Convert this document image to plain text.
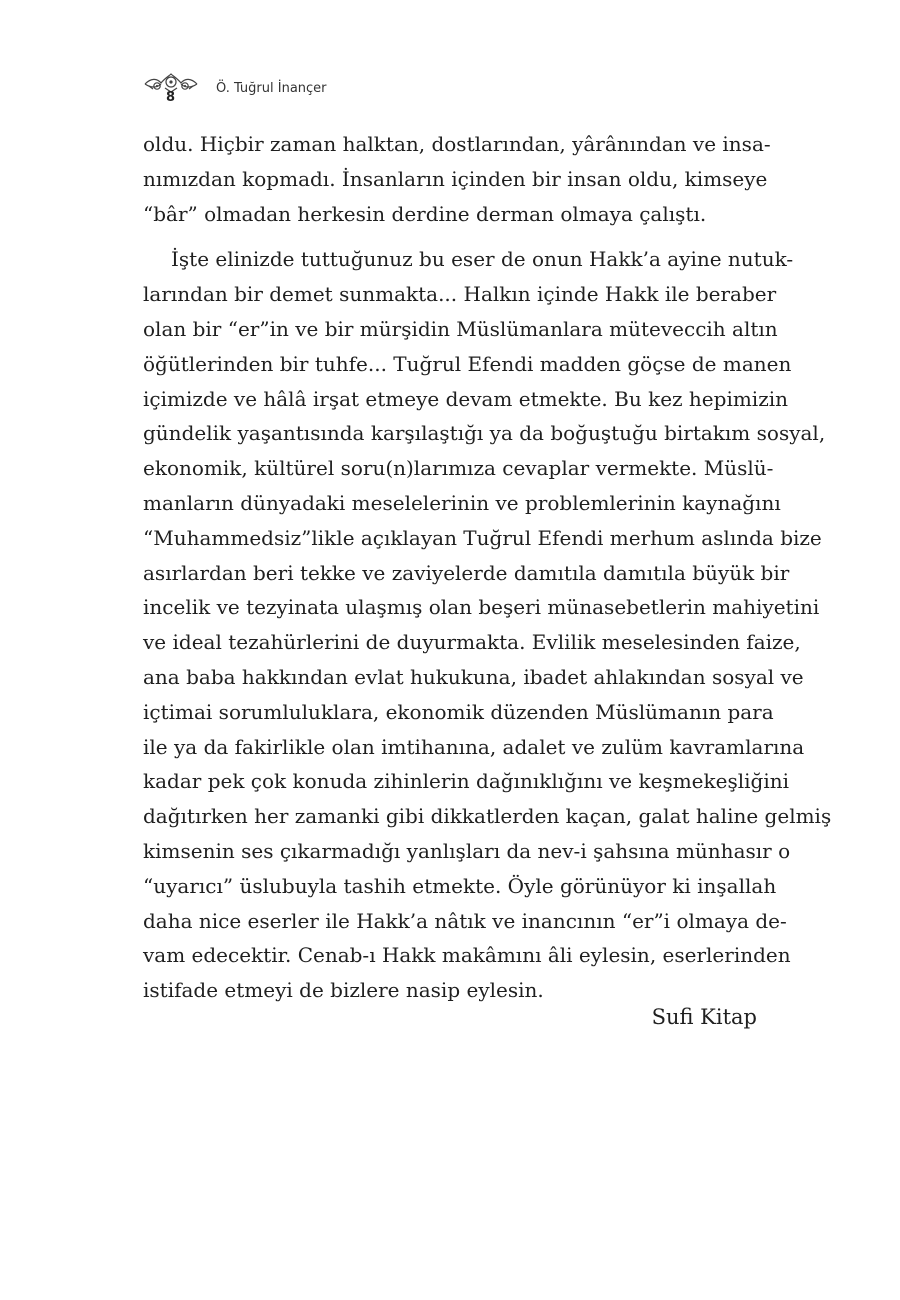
8
Ö. Tuğrul İnançer

oldu. Hiçbir zaman halktan, dostlarından, yârânından ve insa-
nımızdan kopmadı. İnsanların içinden bir insan oldu, kimseye
“bâr” olmadan herkesin derdine derman olmaya çalıştı.

İşte elinizde tuttuğunuz bu eser de onun Hakk’a ayine nutuk-
larından bir demet sunmakta... Halkın içinde Hakk ile beraber
olan bir “er”in ve bir mürşidin Müslümanlara müteveccih altın
öğütlerinden bir tuhfe... Tuğrul Efendi madden göçse de manen
içimizde ve hâlâ irşat etmeye devam etmekte. Bu kez hepimizin
gündelik yaşantısında karşılaştığı ya da boğuştuğu birtakım sosyal,
ekonomik, kültürel soru(n)larımıza cevaplar vermekte. Müslü-
manların dünyadaki meselelerinin ve problemlerinin kaynağını
“Muhammedsiz”likle açıklayan Tuğrul Efendi merhum aslında bize
asırlardan beri tekke ve zaviyelerde damıtıla damıtıla büyük bir
incelik ve tezyinata ulaşmış olan beşeri münasebetlerin mahiyetini
ve ideal tezahürlerini de duyurmakta. Evlilik meselesinden faize,
ana baba hakkından evlat hukukuna, ibadet ahlakından sosyal ve
içtimai sorumluluklara, ekonomik düzenden Müslümanın para
ile ya da fakirlikle olan imtihanına, adalet ve zulüm kavramlarına
kadar pek çok konuda zihinlerin dağınıklığını ve keşmekeşliğini
dağıtırken her zamanki gibi dikkatlerden kaçan, galat haline gelmiş
kimsenin ses çıkarmadığı yanlışları da nev-i şahsına münhasır o
“uyarıcı” üslubuyla tashih etmekte. Öyle görünüyor ki inşallah
daha nice eserler ile Hakk’a nâtık ve inancının “er”i olmaya de-
vam edecektir. Cenab-ı Hakk makâmını âli eylesin, eserlerinden
istifade etmeyi de bizlere nasip eylesin.

Sufi Kitap
